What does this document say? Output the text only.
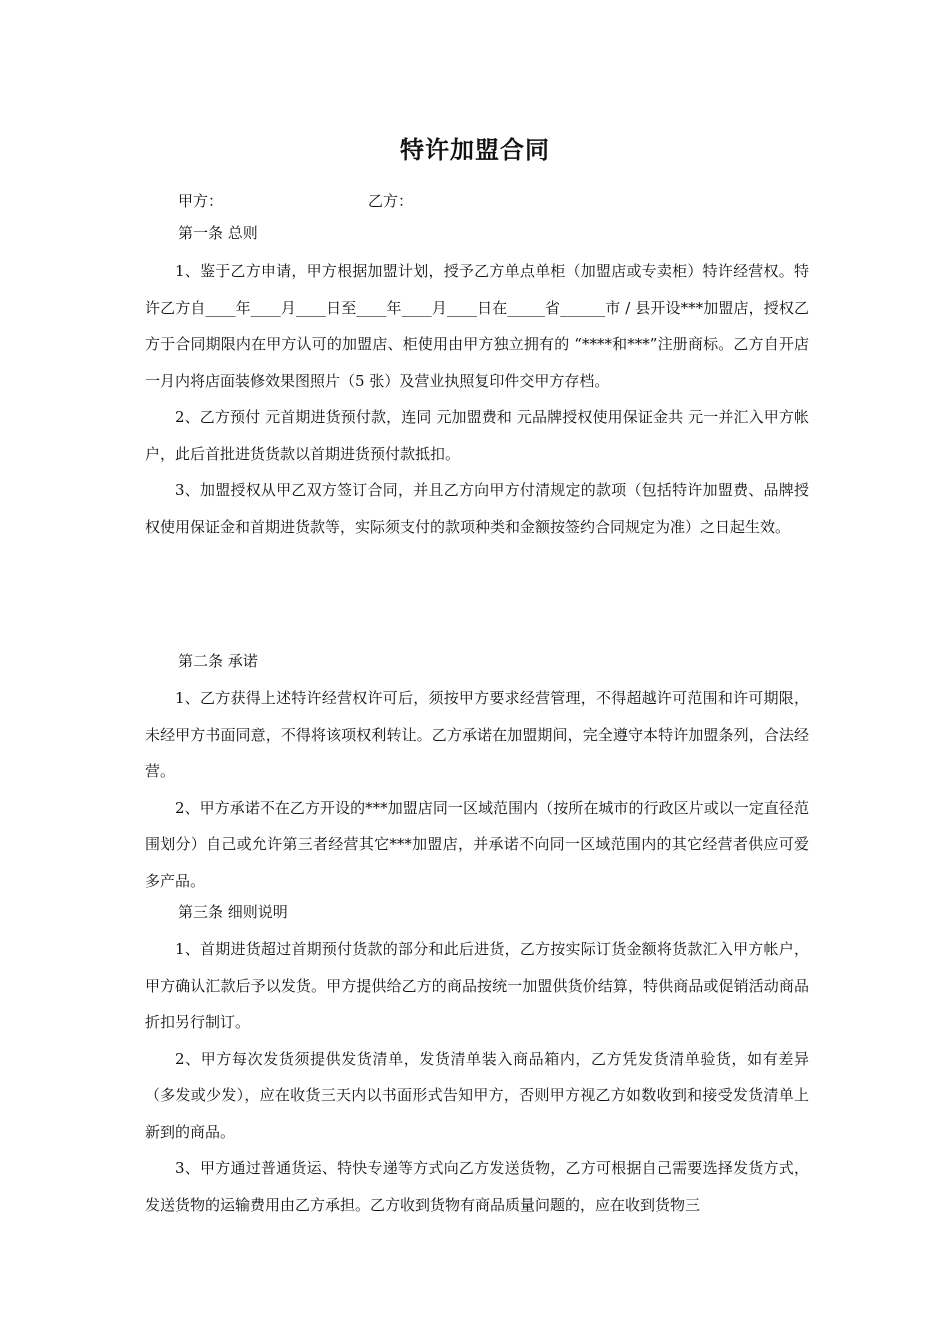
特许加盟合同
甲方：	乙方：
第一条 总则

1、鉴于乙方申请，甲方根据加盟计划，授予乙方单点单柜（加盟店或专卖柜）特许经营权。特许乙方自____年____月____日至____年____月____日在_____省______市 / 县开设***加盟店，授权乙方于合同期限内在甲方认可的加盟店、柜使用由甲方独立拥有的 “****和***”注册商标。乙方自开店一月内将店面装修效果图照片（5 张）及营业执照复印件交甲方存档。

2、乙方预付 元首期进货预付款，连同 元加盟费和 元品牌授权使用保证金共 元一并汇入甲方帐户，此后首批进货货款以首期进货预付款抵扣。

3、加盟授权从甲乙双方签订合同，并且乙方向甲方付清规定的款项（包括特许加盟费、品牌授权使用保证金和首期进货款等，实际须支付的款项种类和金额按签约合同规定为准）之日起生效。

第二条 承诺

1、乙方获得上述特许经营权许可后，须按甲方要求经营管理，不得超越许可范围和许可期限，未经甲方书面同意，不得将该项权利转让。乙方承诺在加盟期间，完全遵守本特许加盟条列，合法经营。

2、甲方承诺不在乙方开设的***加盟店同一区域范围内（按所在城市的行政区片或以一定直径范围划分）自己或允许第三者经营其它***加盟店，并承诺不向同一区域范围内的其它经营者供应可爱多产品。

第三条 细则说明

1、首期进货超过首期预付货款的部分和此后进货，乙方按实际订货金额将货款汇入甲方帐户，甲方确认汇款后予以发货。甲方提供给乙方的商品按统一加盟供货价结算，特供商品或促销活动商品折扣另行制订。

2、甲方每次发货须提供发货清单，发货清单装入商品箱内，乙方凭发货清单验货，如有差异（多发或少发），应在收货三天内以书面形式告知甲方，否则甲方视乙方如数收到和接受发货清单上新到的商品。

3、甲方通过普通货运、特快专递等方式向乙方发送货物，乙方可根据自己需要选择发货方式，发送货物的运输费用由乙方承担。乙方收到货物有商品质量问题的，应在收到货物三
